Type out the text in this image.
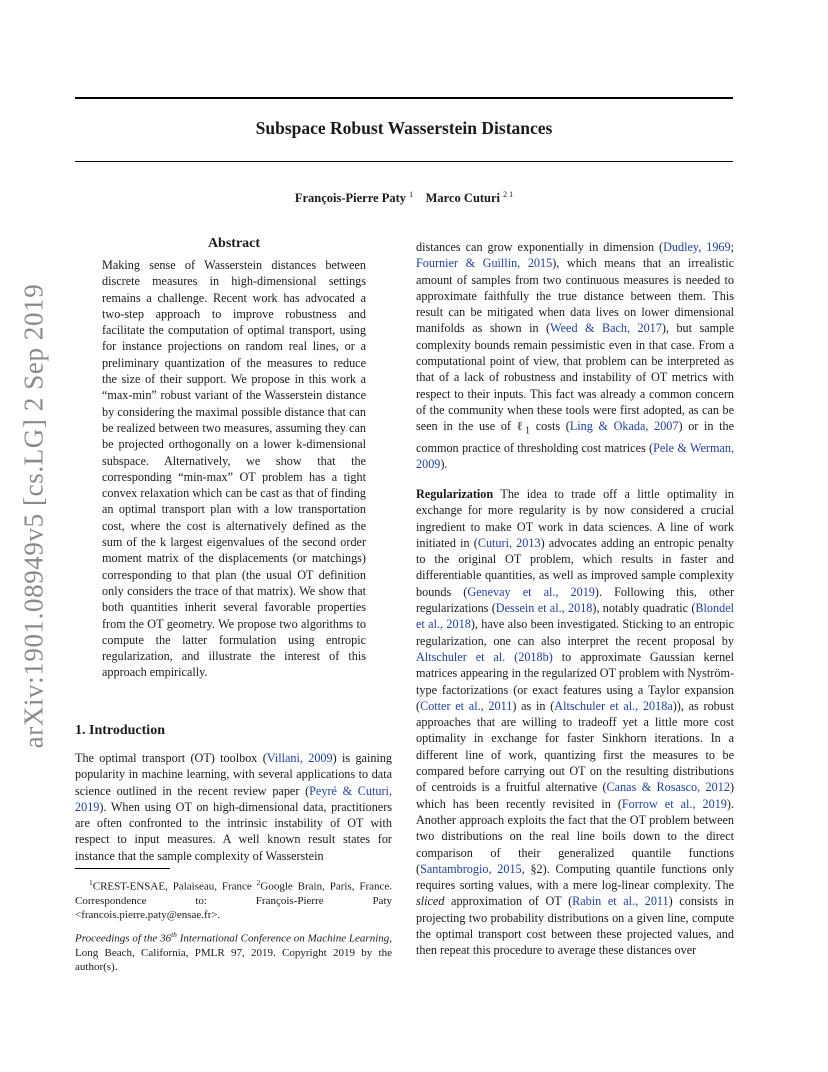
arXiv:1901.08949v5 [cs.LG] 2 Sep 2019
Subspace Robust Wasserstein Distances
François-Pierre Paty $^1$ Marco Cuturi $^{2 1}$
Abstract
Making sense of Wasserstein distances between discrete measures in high-dimensional settings remains a challenge. Recent work has advocated a two-step approach to improve robustness and facilitate the computation of optimal transport, using for instance projections on random real lines, or a preliminary quantization of the measures to reduce the size of their support. We propose in this work a “max-min” robust variant of the Wasserstein distance by considering the maximal possible distance that can be realized between two measures, assuming they can be projected orthogonally on a lower k-dimensional subspace. Alternatively, we show that the corresponding “min-max” OT problem has a tight convex relaxation which can be cast as that of finding an optimal transport plan with a low transportation cost, where the cost is alternatively defined as the sum of the k largest eigenvalues of the second order moment matrix of the displacements (or matchings) corresponding to that plan (the usual OT definition only considers the trace of that matrix). We show that both quantities inherit several favorable properties from the OT geometry. We propose two algorithms to compute the latter formulation using entropic regularization, and illustrate the interest of this approach empirically.
1. Introduction
The optimal transport (OT) toolbox (Villani, 2009) is gaining popularity in machine learning, with several applications to data science outlined in the recent review paper (Peyré & Cuturi, 2019). When using OT on high-dimensional data, practitioners are often confronted to the intrinsic instability of OT with respect to input measures. A well known result states for instance that the sample complexity of Wasserstein
$^1$CREST-ENSAE, Palaiseau, France $^2$Google Brain, Paris, France. Correspondence to: François-Pierre Paty <francois.pierre.paty@ensae.fr>.
Proceedings of the 36th International Conference on Machine Learning, Long Beach, California, PMLR 97, 2019. Copyright 2019 by the author(s).
distances can grow exponentially in dimension (Dudley, 1969; Fournier & Guillin, 2015), which means that an irrealistic amount of samples from two continuous measures is needed to approximate faithfully the true distance between them. This result can be mitigated when data lives on lower dimensional manifolds as shown in (Weed & Bach, 2017), but sample complexity bounds remain pessimistic even in that case. From a computational point of view, that problem can be interpreted as that of a lack of robustness and instability of OT metrics with respect to their inputs. This fact was already a common concern of the community when these tools were first adopted, as can be seen in the use of ℓ$_1$ costs (Ling & Okada, 2007) or in the common practice of thresholding cost matrices (Pele & Werman, 2009).
Regularization The idea to trade off a little optimality in exchange for more regularity is by now considered a crucial ingredient to make OT work in data sciences. A line of work initiated in (Cuturi, 2013) advocates adding an entropic penalty to the original OT problem, which results in faster and differentiable quantities, as well as improved sample complexity bounds (Genevay et al., 2019). Following this, other regularizations (Dessein et al., 2018), notably quadratic (Blondel et al., 2018), have also been investigated. Sticking to an entropic regularization, one can also interpret the recent proposal by Altschuler et al. (2018b) to approximate Gaussian kernel matrices appearing in the regularized OT problem with Nyström-type factorizations (or exact features using a Taylor expansion (Cotter et al., 2011) as in (Altschuler et al., 2018a)), as robust approaches that are willing to tradeoff yet a little more cost optimality in exchange for faster Sinkhorn iterations. In a different line of work, quantizing first the measures to be compared before carrying out OT on the resulting distributions of centroids is a fruitful alternative (Canas & Rosasco, 2012) which has been recently revisited in (Forrow et al., 2019). Another approach exploits the fact that the OT problem between two distributions on the real line boils down to the direct comparison of their generalized quantile functions (Santambrogio, 2015, §2). Computing quantile functions only requires sorting values, with a mere log-linear complexity. The sliced approximation of OT (Rabin et al., 2011) consists in projecting two probability distributions on a given line, compute the optimal transport cost between these projected values, and then repeat this procedure to average these distances over
